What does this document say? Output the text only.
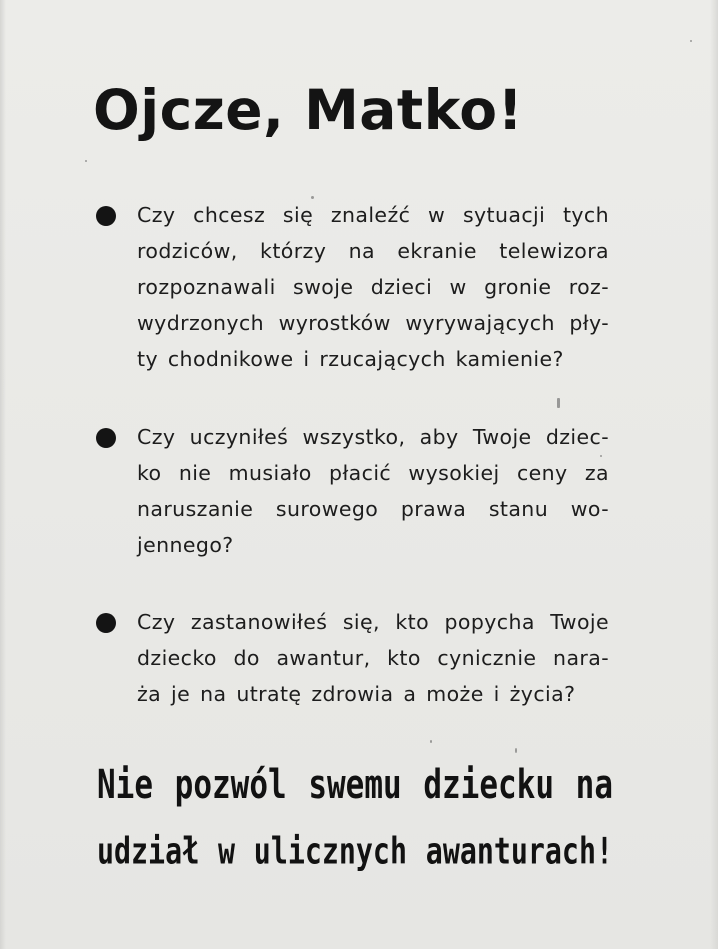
Ojcze, Matko!
Czy chcesz się znaleźć w sytuacji tych
rodziców, którzy na ekranie telewizora
rozpoznawali swoje dzieci w gronie roz-
wydrzonych wyrostków wyrywających pły-
ty chodnikowe i rzucających kamienie?
Czy uczyniłeś wszystko, aby Twoje dziec-
ko nie musiało płacić wysokiej ceny za
naruszanie surowego prawa stanu wo-
jennego?
Czy zastanowiłeś się, kto popycha Twoje
dziecko do awantur, kto cynicznie nara-
ża je na utratę zdrowia a może i życia?
Nie pozwól swemu dziecku na
udział w ulicznych awanturach!
